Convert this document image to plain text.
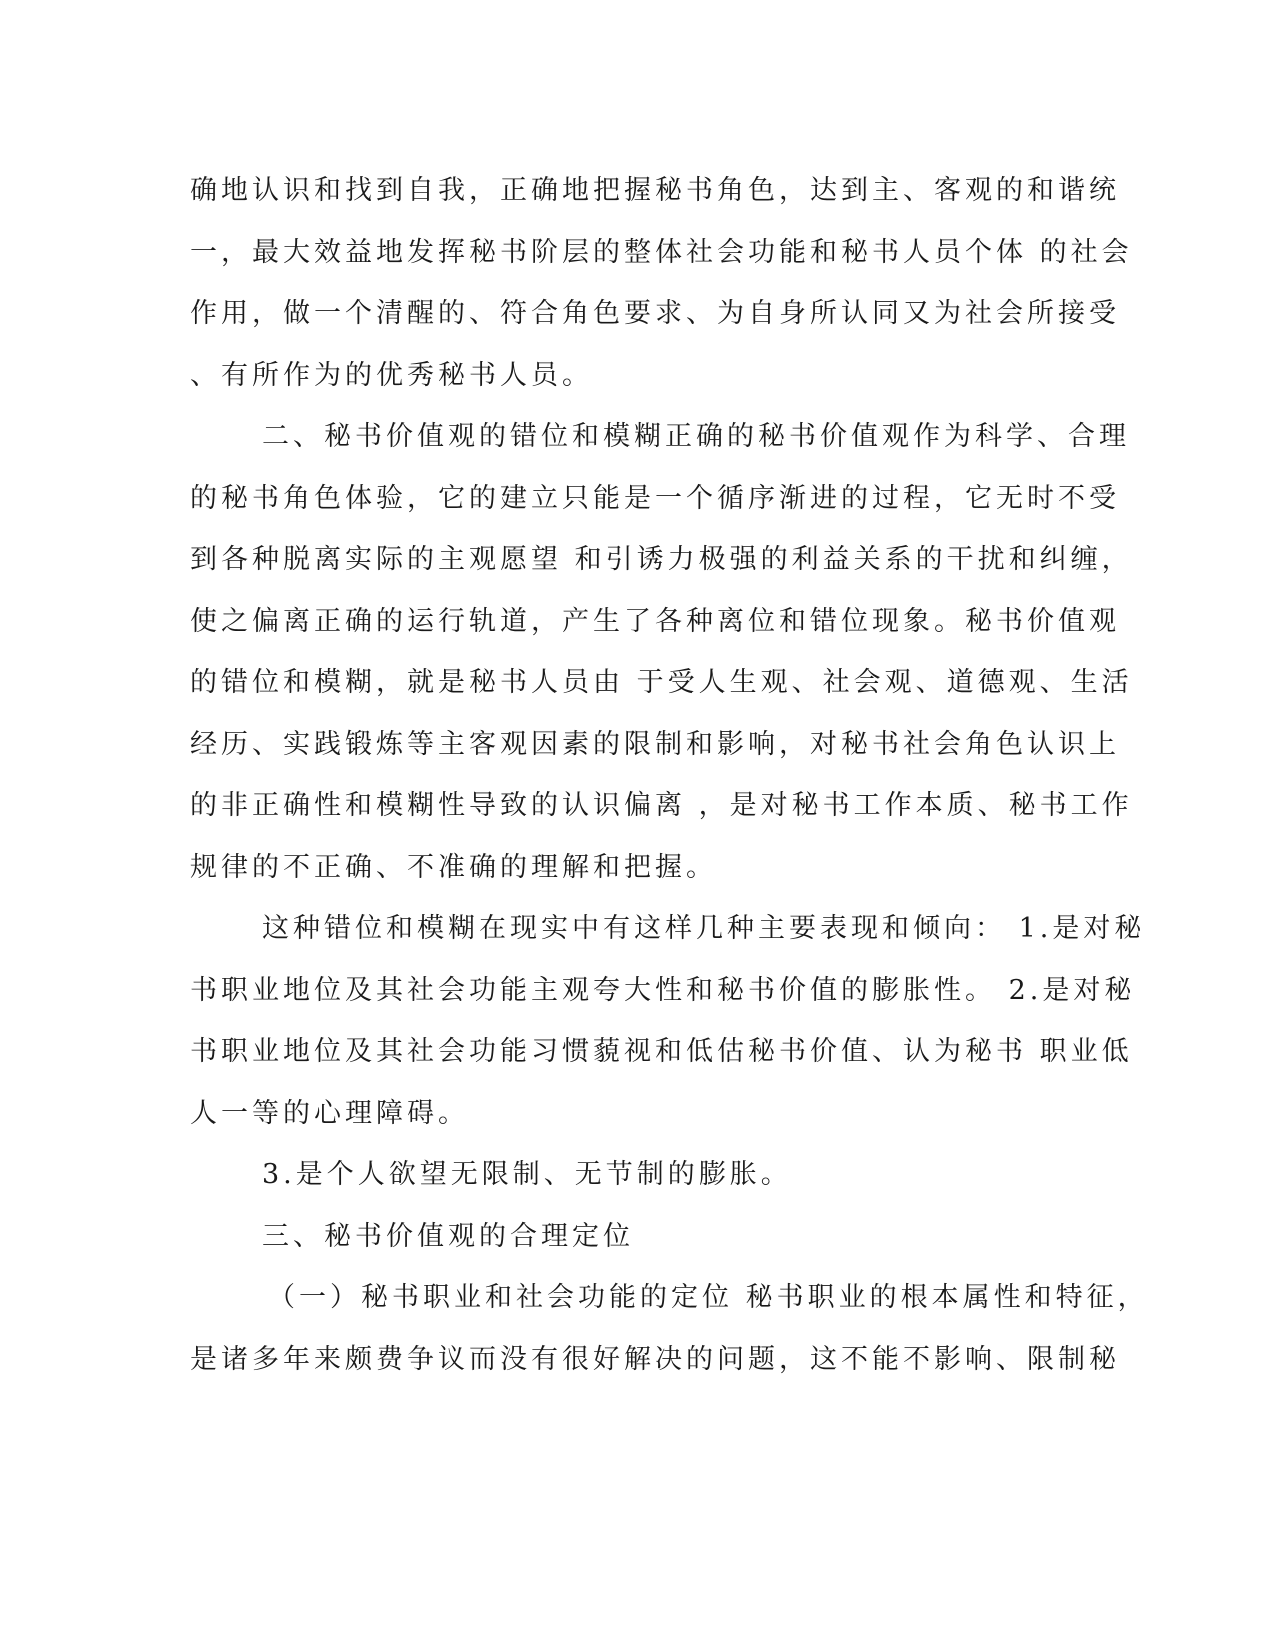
确地认识和找到自我，正确地把握秘书角色，达到主、客观的和谐统

一，最大效益地发挥秘书阶层的整体社会功能和秘书人员个体 的社会

作用，做一个清醒的、符合角色要求、为自身所认同又为社会所接受

、有所作为的优秀秘书人员。

二、秘书价值观的错位和模糊正确的秘书价值观作为科学、合理

的秘书角色体验，它的建立只能是一个循序渐进的过程，它无时不受

到各种脱离实际的主观愿望 和引诱力极强的利益关系的干扰和纠缠，

使之偏离正确的运行轨道，产生了各种离位和错位现象。秘书价值观

的错位和模糊，就是秘书人员由 于受人生观、社会观、道德观、生活

经历、实践锻炼等主客观因素的限制和影响，对秘书社会角色认识上

的非正确性和模糊性导致的认识偏离 ，是对秘书工作本质、秘书工作

规律的不正确、不准确的理解和把握。

这种错位和模糊在现实中有这样几种主要表现和倾向： 1.是对秘

书职业地位及其社会功能主观夸大性和秘书价值的膨胀性。 2.是对秘

书职业地位及其社会功能习惯藐视和低估秘书价值、认为秘书 职业低

人一等的心理障碍。

3.是个人欲望无限制、无节制的膨胀。

三、秘书价值观的合理定位

（一）秘书职业和社会功能的定位 秘书职业的根本属性和特征，

是诸多年来颇费争议而没有很好解决的问题，这不能不影响、限制秘
